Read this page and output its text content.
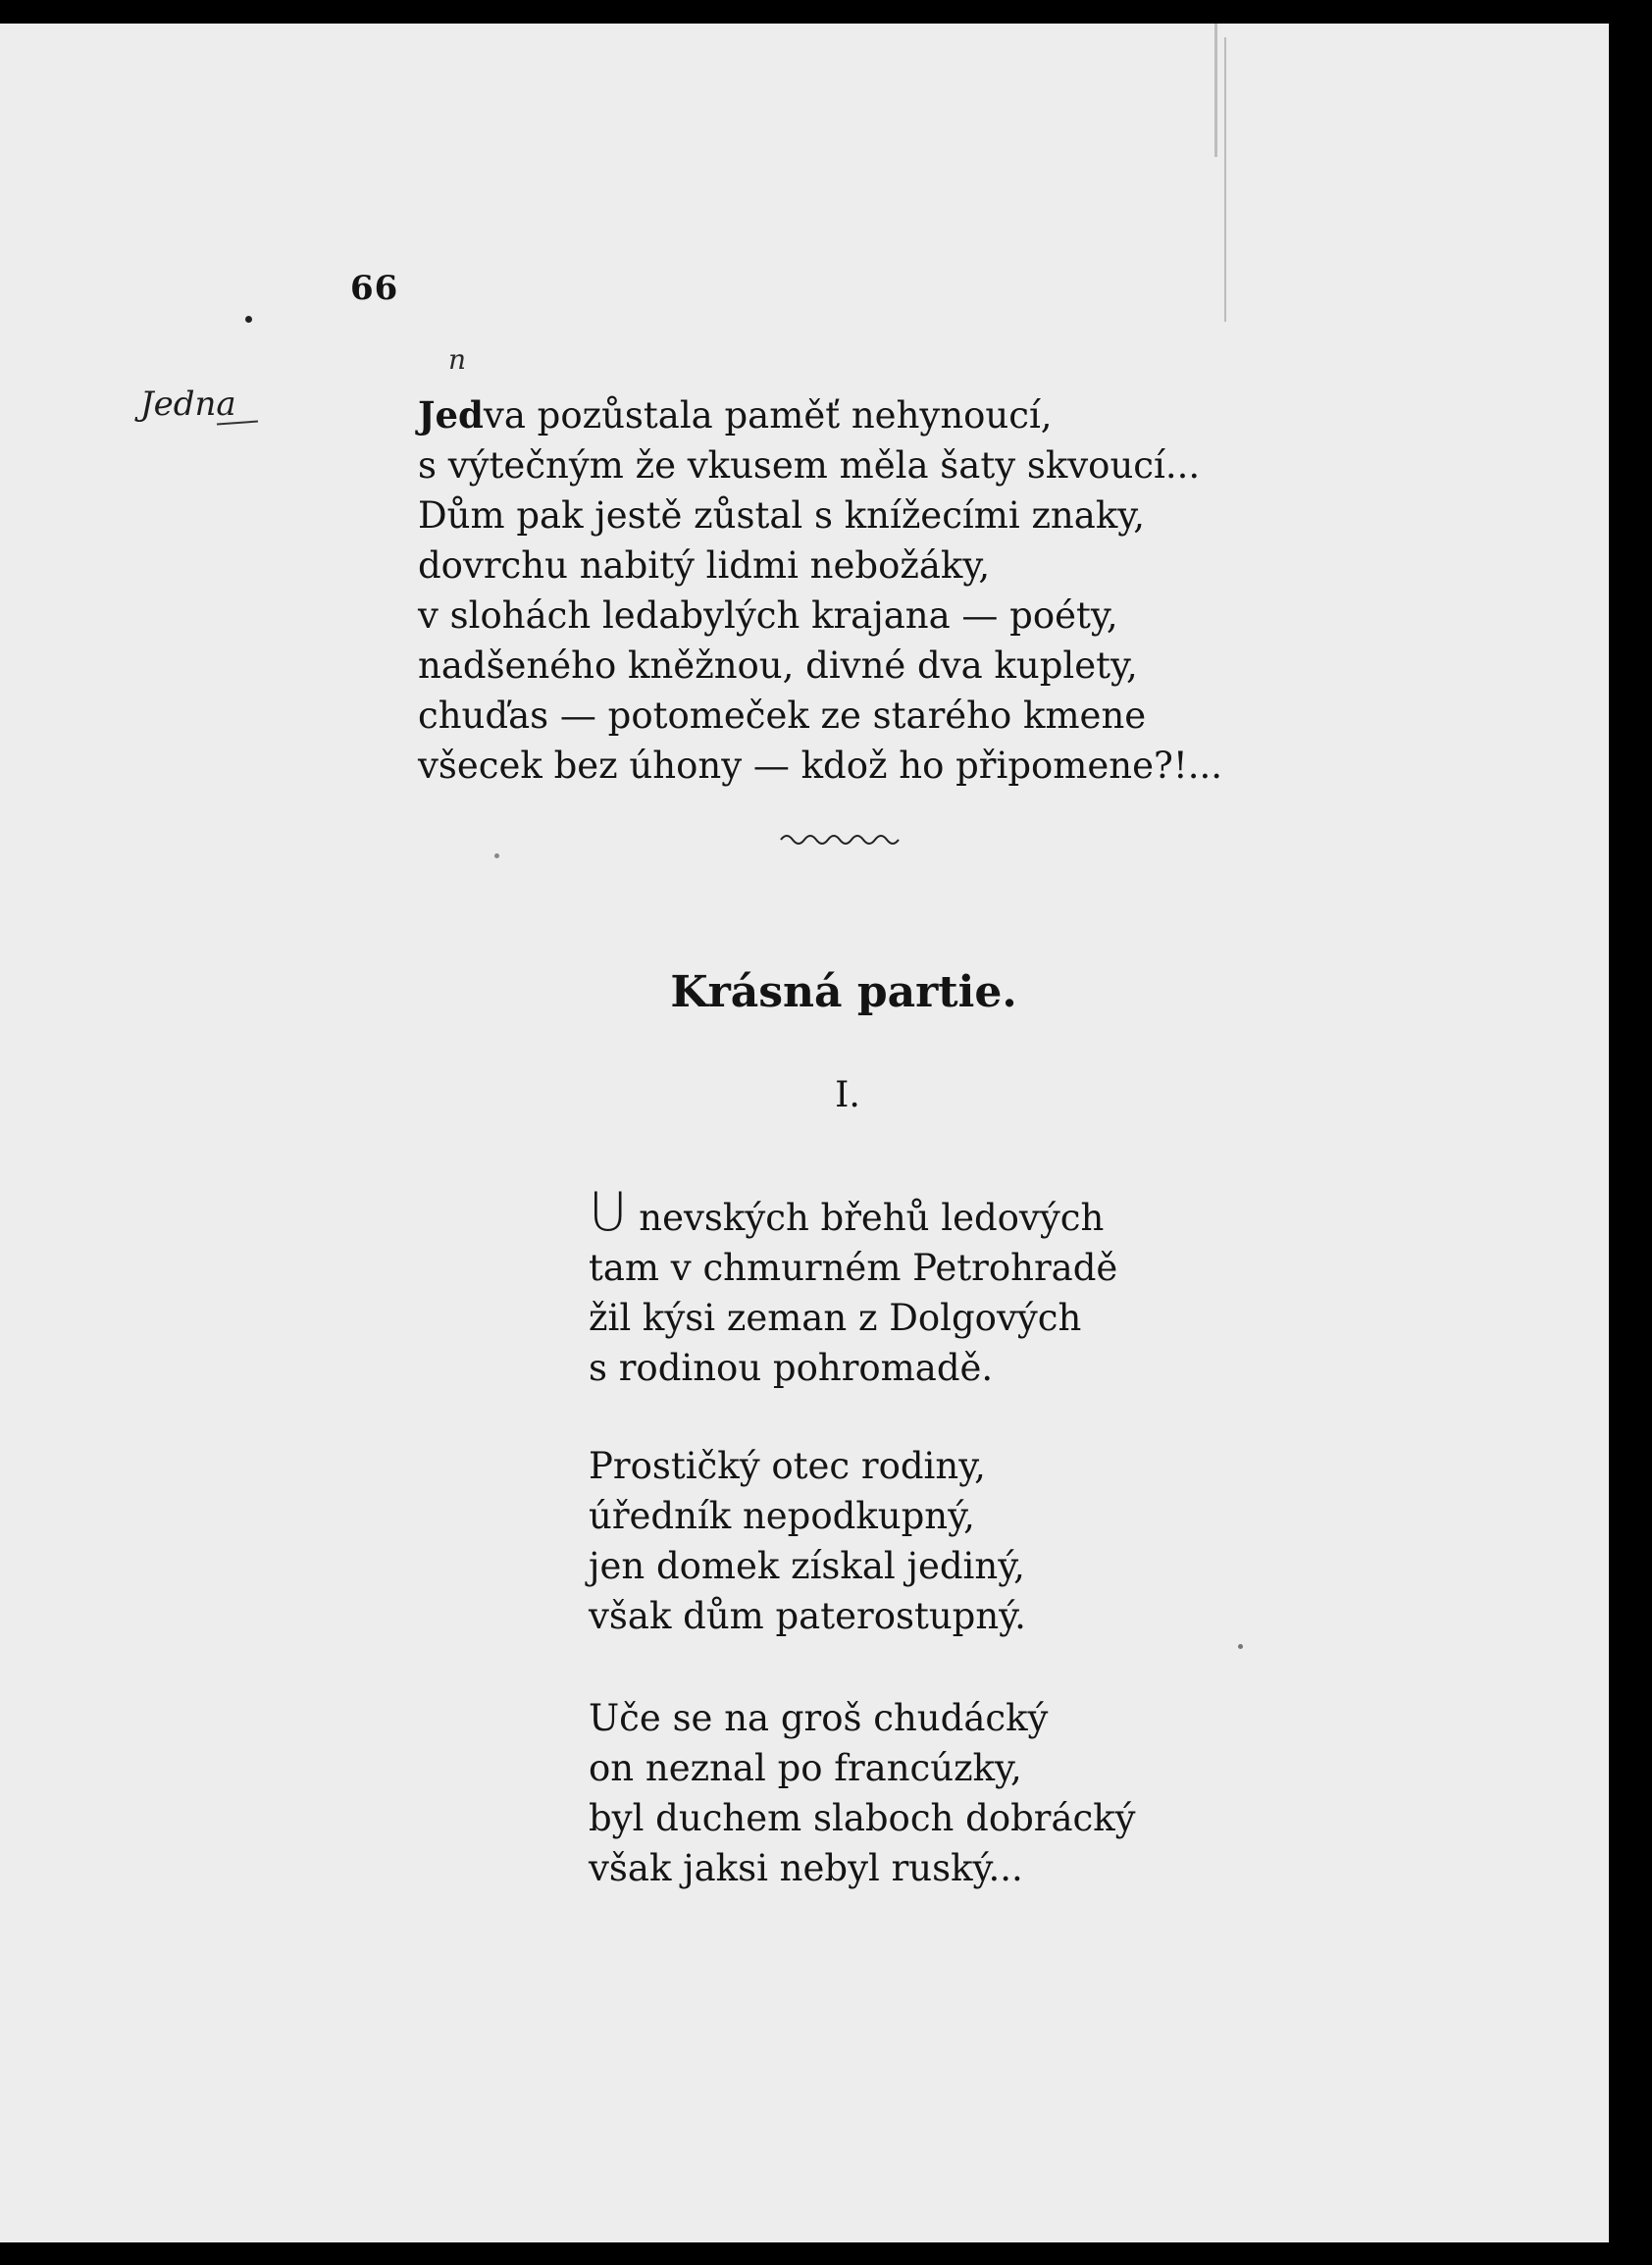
66
Jedna
n
Jedva pozůstala paměť nehynoucí,
s výtečným že vkusem měla šaty skvoucí...
Dům pak jestě zůstal s knížecími znaky,
dovrchu nabitý lidmi nebožáky,
v slohách ledabylých krajana — poéty,
nadšeného kněžnou, divné dva kuplety,
chuďas — potomeček ze starého kmene
všecek bez úhony — kdož ho připomene?!...
Krásná partie.
I.
U nevských břehů ledových
tam v chmurném Petrohradě
žil kýsi zeman z Dolgových
s rodinou pohromadě.
Prostičký otec rodiny,
úředník nepodkupný,
jen domek získal jediný,
však dům paterostupný.
Uče se na groš chudácký
on neznal po francúzky,
byl duchem slaboch dobrácký
však jaksi nebyl ruský...
